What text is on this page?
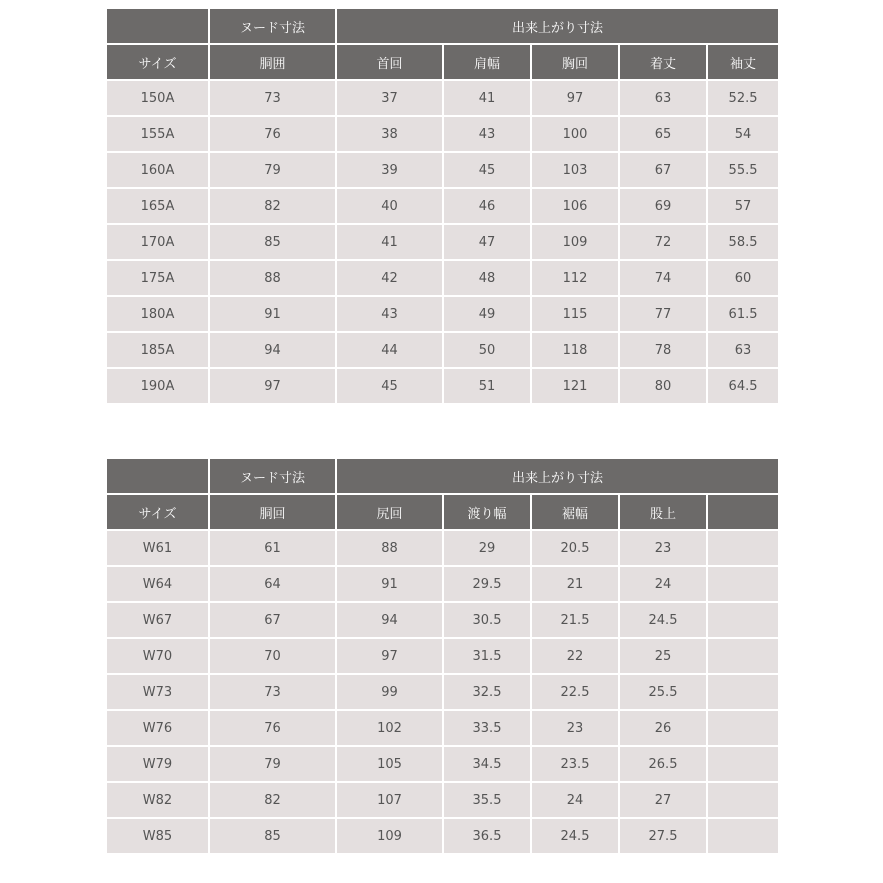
	ヌード寸法	出来上がり寸法				
サイズ	胴囲	首回	肩幅	胸回	着丈	袖丈
150A	73	37	41	97	63	52.5
155A	76	38	43	100	65	54
160A	79	39	45	103	67	55.5
165A	82	40	46	106	69	57
170A	85	41	47	109	72	58.5
175A	88	42	48	112	74	60
180A	91	43	49	115	77	61.5
185A	94	44	50	118	78	63
190A	97	45	51	121	80	64.5
	ヌード寸法	出来上がり寸法				
サイズ	胴回	尻回	渡り幅	裾幅	股上	
W61	61	88	29	20.5	23	
W64	64	91	29.5	21	24	
W67	67	94	30.5	21.5	24.5	
W70	70	97	31.5	22	25	
W73	73	99	32.5	22.5	25.5	
W76	76	102	33.5	23	26	
W79	79	105	34.5	23.5	26.5	
W82	82	107	35.5	24	27	
W85	85	109	36.5	24.5	27.5	
